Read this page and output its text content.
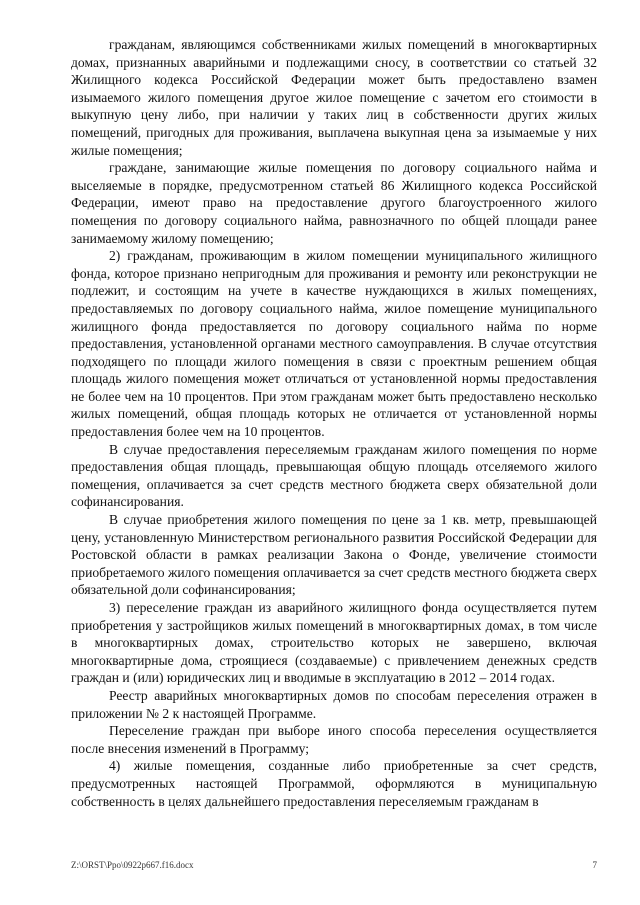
гражданам, являющимся собственниками жилых помещений в многоквартирных домах, признанных аварийными и подлежащими сносу, в соответствии со статьей 32 Жилищного кодекса Российской Федерации может быть предоставлено взамен изымаемого жилого помещения другое жилое помещение с зачетом его стоимости в выкупную цену либо, при наличии у таких лиц в собственности других жилых помещений, пригодных для проживания, выплачена выкупная цена за изымаемые у них жилые помещения;

граждане, занимающие жилые помещения по договору социального найма и выселяемые в порядке, предусмотренном статьей 86 Жилищного кодекса Российской Федерации, имеют право на предоставление другого благоустроенного жилого помещения по договору социального найма, равнозначного по общей площади ранее занимаемому жилому помещению;

2) гражданам, проживающим в жилом помещении муниципального жилищного фонда, которое признано непригодным для проживания и ремонту или реконструкции не подлежит, и состоящим на учете в качестве нуждающихся в жилых помещениях, предоставляемых по договору социального найма, жилое помещение муниципального жилищного фонда предоставляется по договору социального найма по норме предоставления, установленной органами местного самоуправления. В случае отсутствия подходящего по площади жилого помещения в связи с проектным решением общая площадь жилого помещения может отличаться от установленной нормы предоставления не более чем на 10 процентов. При этом гражданам может быть предоставлено несколько жилых помещений, общая площадь которых не отличается от установленной нормы предоставления более чем на 10 процентов.

В случае предоставления переселяемым гражданам жилого помещения по норме предоставления общая площадь, превышающая общую площадь отселяемого жилого помещения, оплачивается за счет средств местного бюджета сверх обязательной доли софинансирования.

В случае приобретения жилого помещения по цене за 1 кв. метр, превышающей цену, установленную Министерством регионального развития Российской Федерации для Ростовской области в рамках реализации Закона о Фонде, увеличение стоимости приобретаемого жилого помещения оплачивается за счет средств местного бюджета сверх обязательной доли софинансирования;

3) переселение граждан из аварийного жилищного фонда осуществляется путем приобретения у застройщиков жилых помещений в многоквартирных домах, в том числе в многоквартирных домах, строительство которых не завершено, включая многоквартирные дома, строящиеся (создаваемые) с привлечением денежных средств граждан и (или) юридических лиц и вводимые в эксплуатацию в 2012 – 2014 годах.

Реестр аварийных многоквартирных домов по способам переселения отражен в приложении № 2 к настоящей Программе.

Переселение граждан при выборе иного способа переселения осуществляется после внесения изменений в Программу;

4) жилые помещения, созданные либо приобретенные за счет средств, предусмотренных настоящей Программой, оформляются в муниципальную собственность в целях дальнейшего предоставления переселяемым гражданам в

Z:\ORST\Ppo\0922p667.f16.docx	7
